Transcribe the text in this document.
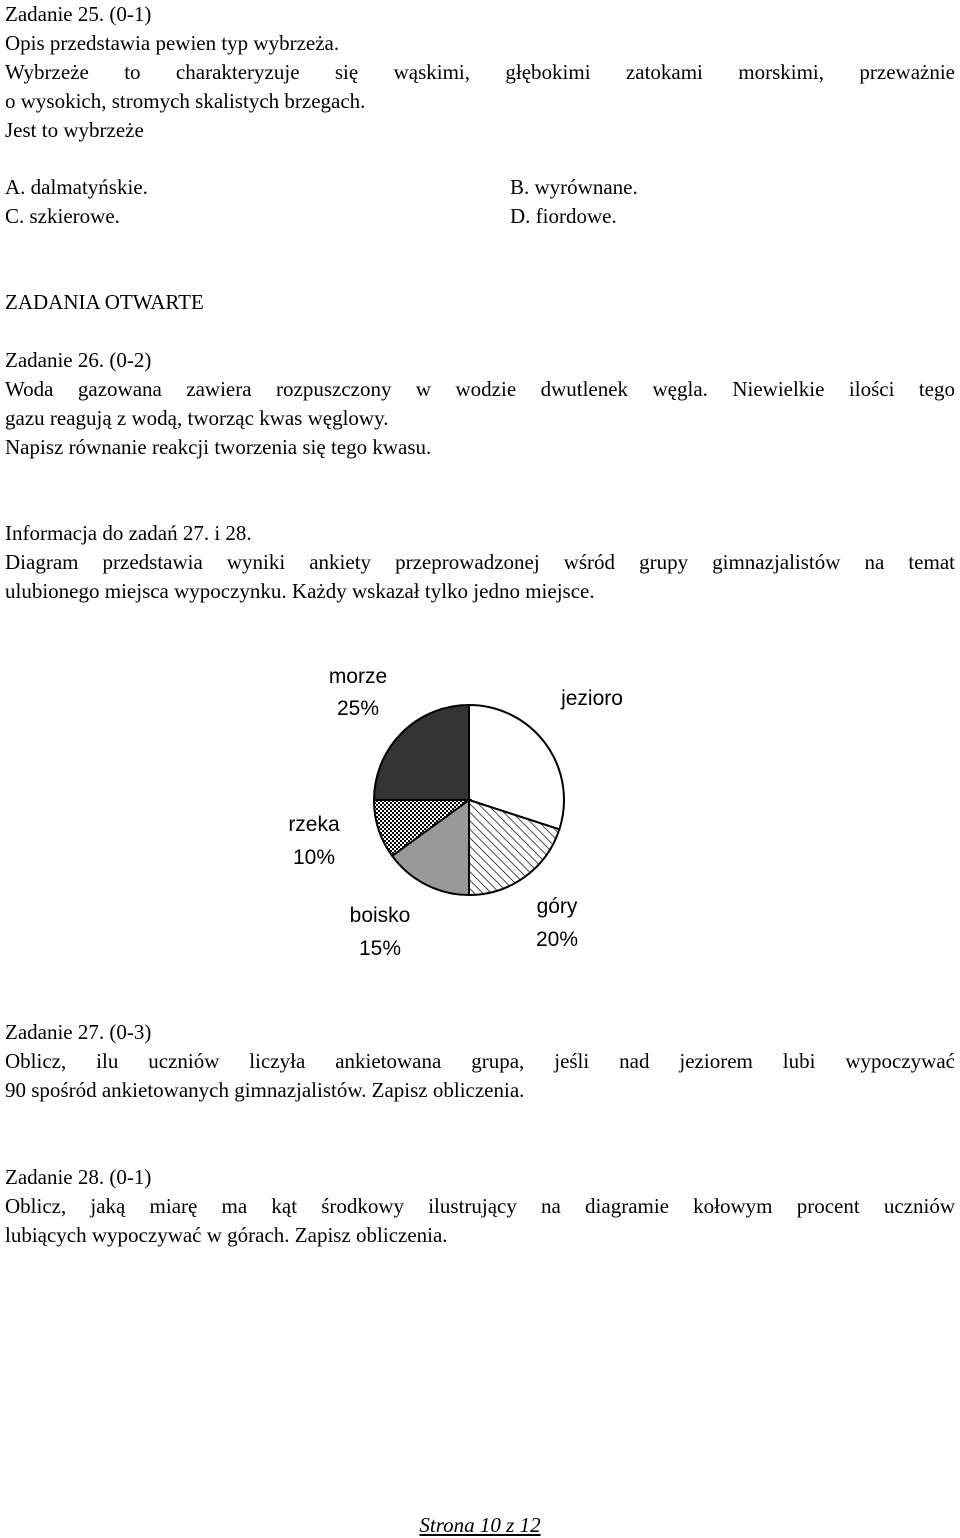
Zadanie 25. (0-1)
Opis przedstawia pewien typ wybrzeża.
Wybrzeże to charakteryzuje się wąskimi, głębokimi zatokami morskimi, przeważnie
o wysokich, stromych skalistych brzegach.
Jest to wybrzeże
A. dalmatyńskie.	B. wyrównane.
C. szkierowe.	D. fiordowe.
ZADANIA OTWARTE
Zadanie 26. (0-2)
Woda gazowana zawiera rozpuszczony w wodzie dwutlenek węgla. Niewielkie ilości tego
gazu reagują z wodą, tworząc kwas węglowy.
Napisz równanie reakcji tworzenia się tego kwasu.
Informacja do zadań 27. i 28.
Diagram przedstawia wyniki ankiety przeprowadzonej wśród grupy gimnazjalistów na temat
ulubionego miejsca wypoczynku. Każdy wskazał tylko jedno miejsce.
morze
25%	jezioro
rzeka
10%
boisko
15%
góry
20%
Zadanie 27. (0-3)
Oblicz, ilu uczniów liczyła ankietowana grupa, jeśli nad jeziorem lubi wypoczywać
90 spośród ankietowanych gimnazjalistów. Zapisz obliczenia.
Zadanie 28. (0-1)
Oblicz, jaką miarę ma kąt środkowy ilustrujący na diagramie kołowym procent uczniów
lubiących wypoczywać w górach. Zapisz obliczenia.
Strona 10 z 12
